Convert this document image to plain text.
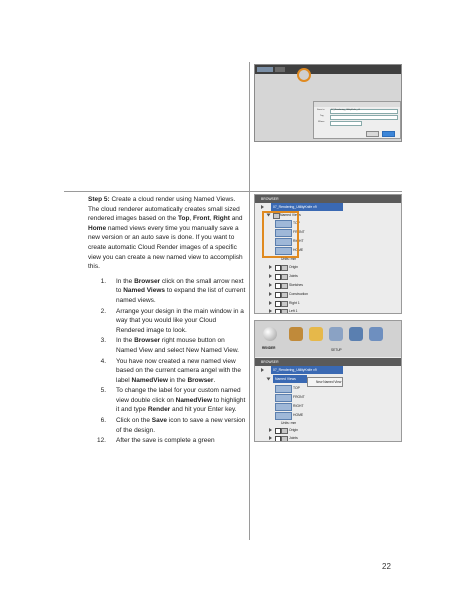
Save to	07_Rendering_UtilityKnife_v9
Tag
Where

Step 5: Create a cloud render using Named Views. The cloud renderer automatically creates small sized rendered images based on the Top, Front, Right and Home named views every time you manually save a new version or an auto save is done. If you want to create automatic Cloud Render images of a specific view you can create a new named view to accomplish this.

1.	In the Browser click on the small arrow next to Named Views to expand the list of current named views.
2.	Arrange your design in the main window in a way that you would like your Cloud Rendered image to look.
3.	In the Browser right mouse button on Named View and select New Named View.
4.	You have now created a new named view based on the current camera angel with the label NamedView in the Browser.
5.	To change the label for your custom named view double click on NamedView to highlight it and type Render and hit your Enter key.
6.	Click on the Save icon to save a new version of the design.
12.	After the save is complete a green
BROWSER
07_Rendering_UtilityKnife v9
Named Views
TOP
FRONT
RIGHT
HOME
Units: mm
Origin
Joints
Sketches
Construction
Right 1
Left 1
RENDER	SETUP
BROWSER
07_Rendering_UtilityKnife v9
Named Views
New Named View
TOP
FRONT
RIGHT
HOME
Units: mm
Origin
Joints
22
